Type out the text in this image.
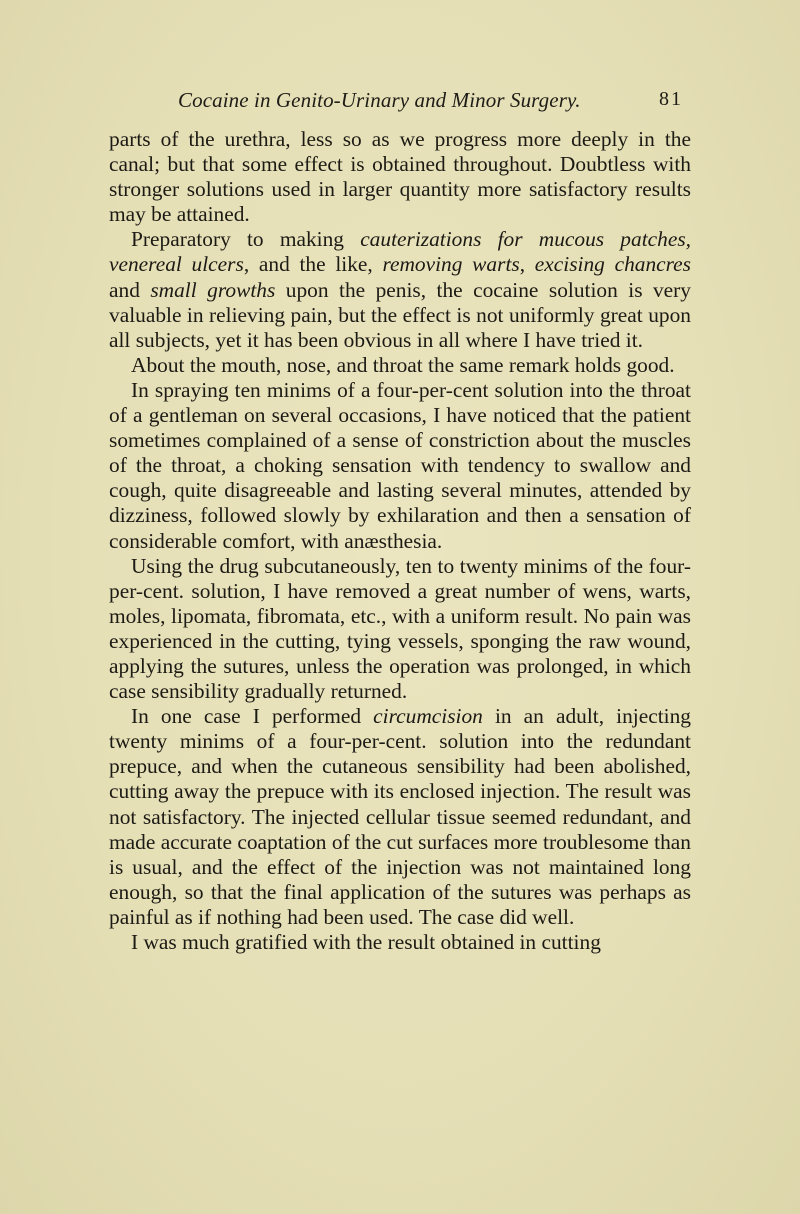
Cocaine in Genito-Urinary and Minor Surgery.	81

parts of the urethra, less so as we progress more deeply in the canal; but that some effect is obtained throughout. Doubtless with stronger solutions used in larger quantity more satisfactory results may be attained.

Preparatory to making cauterizations for mucous patches, venereal ulcers, and the like, removing warts, excising chancres and small growths upon the penis, the cocaine solution is very valuable in relieving pain, but the effect is not uniformly great upon all subjects, yet it has been obvious in all where I have tried it.

About the mouth, nose, and throat the same remark holds good.

In spraying ten minims of a four-per-cent solution into the throat of a gentleman on several occasions, I have noticed that the patient sometimes complained of a sense of constriction about the muscles of the throat, a choking sensation with tendency to swallow and cough, quite disagreeable and lasting several minutes, attended by dizziness, followed slowly by exhilaration and then a sensation of considerable comfort, with anæsthesia.

Using the drug subcutaneously, ten to twenty minims of the four-per-cent. solution, I have removed a great number of wens, warts, moles, lipomata, fibromata, etc., with a uniform result. No pain was experienced in the cutting, tying vessels, sponging the raw wound, applying the sutures, unless the operation was prolonged, in which case sensibility gradually returned.

In one case I performed circumcision in an adult, injecting twenty minims of a four-per-cent. solution into the redundant prepuce, and when the cutaneous sensibility had been abolished, cutting away the prepuce with its enclosed injection. The result was not satisfactory. The injected cellular tissue seemed redundant, and made accurate coaptation of the cut surfaces more troublesome than is usual, and the effect of the injection was not maintained long enough, so that the final application of the sutures was perhaps as painful as if nothing had been used. The case did well.

I was much gratified with the result obtained in cutting
